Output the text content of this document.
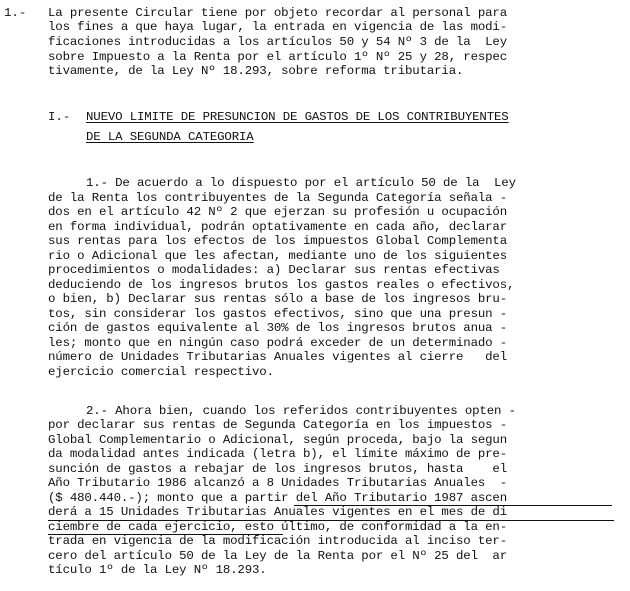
1.- La presente Circular tiene por objeto recordar al personal para
los fines a que haya lugar, la entrada en vigencia de las modi-
ficaciones introducidas a los artículos 50 y 54 Nº 3 de la  Ley
sobre Impuesto a la Renta por el artículo 1º Nº 25 y 28, respec
tivamente, de la Ley Nº 18.293, sobre reforma tributaria.
I.- NUEVO LIMITE DE PRESUNCION DE GASTOS DE LOS CONTRIBUYENTES
DE LA SEGUNDA CATEGORIA
1.- De acuerdo a lo dispuesto por el artículo 50 de la  Ley
de la Renta los contribuyentes de la Segunda Categoría señala -
dos en el artículo 42 Nº 2 que ejerzan su profesión u ocupación
en forma individual, podrán optativamente en cada año, declarar
sus rentas para los efectos de los impuestos Global Complementa
rio o Adicional que les afectan, mediante uno de los siguientes
procedimientos o modalidades: a) Declarar sus rentas efectivas
deduciendo de los ingresos brutos los gastos reales o efectivos,
o bien, b) Declarar sus rentas sólo a base de los ingresos bru-
tos, sin considerar los gastos efectivos, sino que una presun -
ción de gastos equivalente al 30% de los ingresos brutos anua -
les; monto que en ningún caso podrá exceder de un determinado -
número de Unidades Tributarias Anuales vigentes al cierre   del
ejercicio comercial respectivo.
2.- Ahora bien, cuando los referidos contribuyentes opten -
por declarar sus rentas de Segunda Categoría en los impuestos -
Global Complementario o Adicional, según proceda, bajo la segun
da modalidad antes indicada (letra b), el límite máximo de pre-
sunción de gastos a rebajar de los ingresos brutos, hasta    el
Año Tributario 1986 alcanzó a 8 Unidades Tributarias Anuales  -
($ 480.440.-); monto que a partir del Año Tributario 1987 ascen
derá a 15 Unidades Tributarias Anuales vigentes en el mes de di
ciembre de cada ejercicio, esto último, de conformidad a la en-
trada en vigencia de la modificación introducida al inciso ter-
cero del artículo 50 de la Ley de la Renta por el Nº 25 del  ar
tículo 1º de la Ley Nº 18.293.
